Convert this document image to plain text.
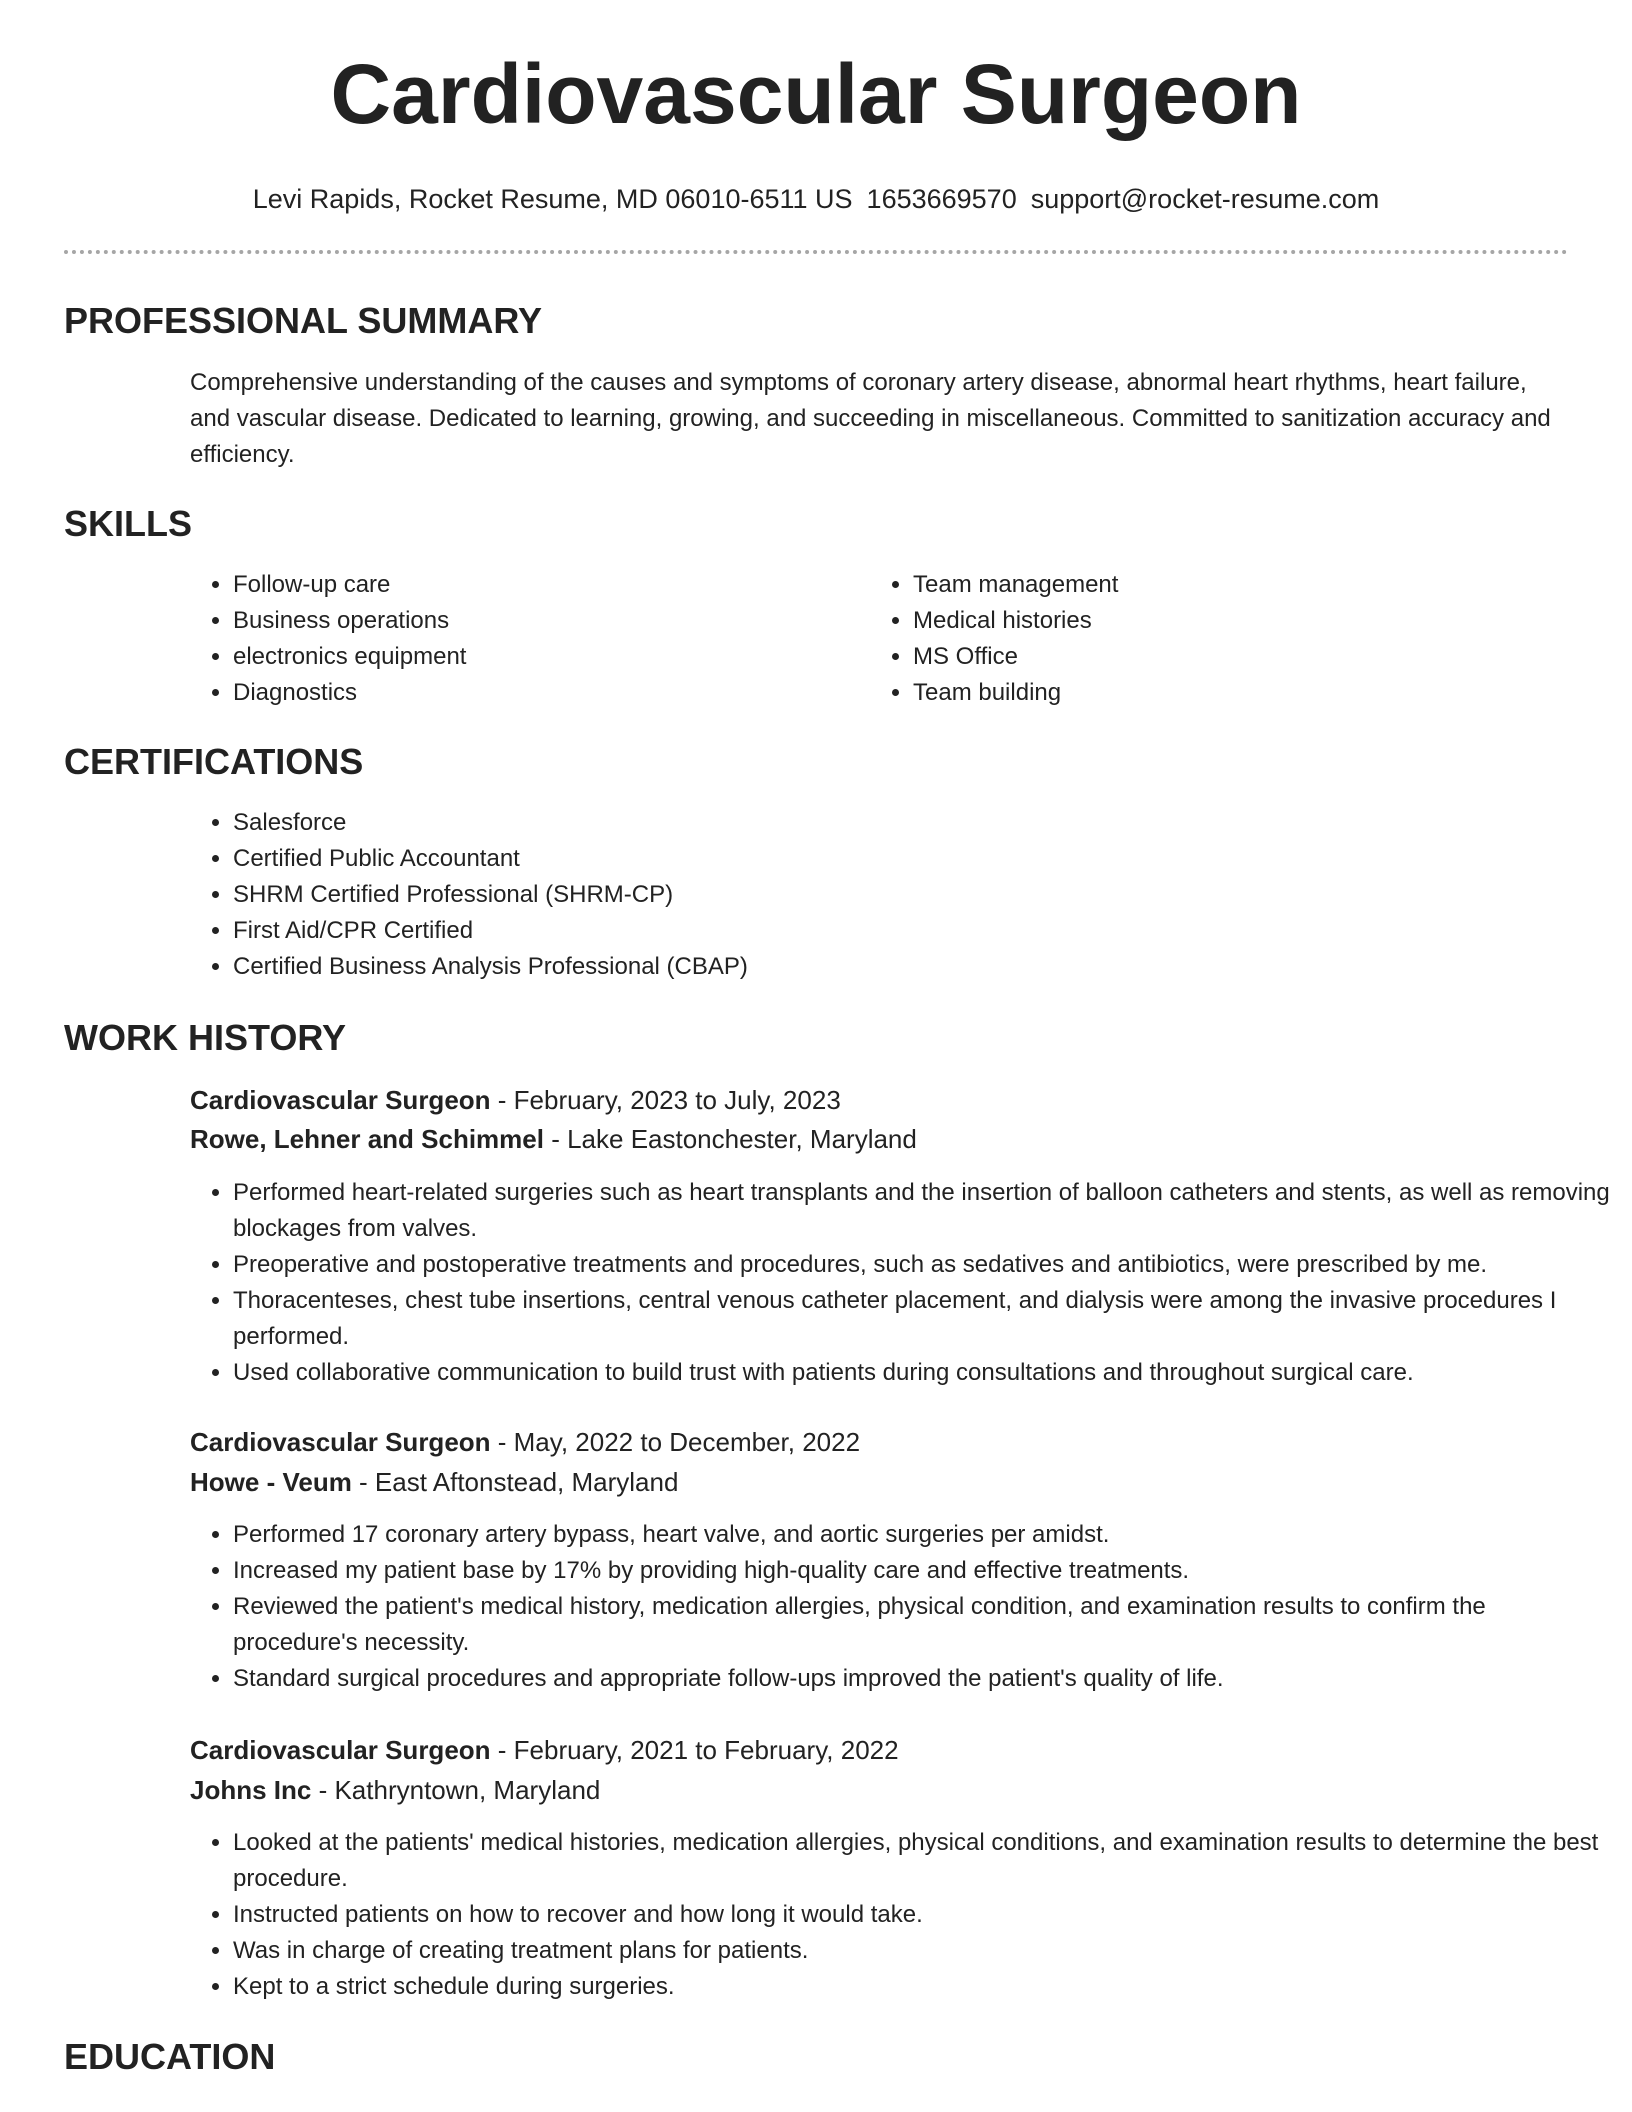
Cardiovascular Surgeon
Levi Rapids, Rocket Resume, MD 06010-6511 US 1653669570 support@rocket-resume.com
PROFESSIONAL SUMMARY

Comprehensive understanding of the causes and symptoms of coronary artery disease, abnormal heart rhythms, heart failure, and vascular disease. Dedicated to learning, growing, and succeeding in miscellaneous. Committed to sanitization accuracy and efficiency.

SKILLS
• Follow-up care
• Business operations
• electronics equipment
• Diagnostics
• Team management
• Medical histories
• MS Office
• Team building
CERTIFICATIONS
• Salesforce
• Certified Public Accountant
• SHRM Certified Professional (SHRM-CP)
• First Aid/CPR Certified
• Certified Business Analysis Professional (CBAP)
WORK HISTORY

Cardiovascular Surgeon - February, 2023 to July, 2023

Rowe, Lehner and Schimmel - Lake Eastonchester, Maryland

• Performed heart-related surgeries such as heart transplants and the insertion of balloon catheters and stents, as well as removing blockages from valves.
• Preoperative and postoperative treatments and procedures, such as sedatives and antibiotics, were prescribed by me.
• Thoracenteses, chest tube insertions, central venous catheter placement, and dialysis were among the invasive procedures I performed.
• Used collaborative communication to build trust with patients during consultations and throughout surgical care.

Cardiovascular Surgeon - May, 2022 to December, 2022

Howe - Veum - East Aftonstead, Maryland

• Performed 17 coronary artery bypass, heart valve, and aortic surgeries per amidst.
• Increased my patient base by 17% by providing high-quality care and effective treatments.
• Reviewed the patient's medical history, medication allergies, physical condition, and examination results to confirm the procedure's necessity.
• Standard surgical procedures and appropriate follow-ups improved the patient's quality of life.

Cardiovascular Surgeon - February, 2021 to February, 2022

Johns Inc - Kathryntown, Maryland

• Looked at the patients' medical histories, medication allergies, physical conditions, and examination results to determine the best procedure.
• Instructed patients on how to recover and how long it would take.
• Was in charge of creating treatment plans for patients.
• Kept to a strict schedule during surgeries.
EDUCATION
